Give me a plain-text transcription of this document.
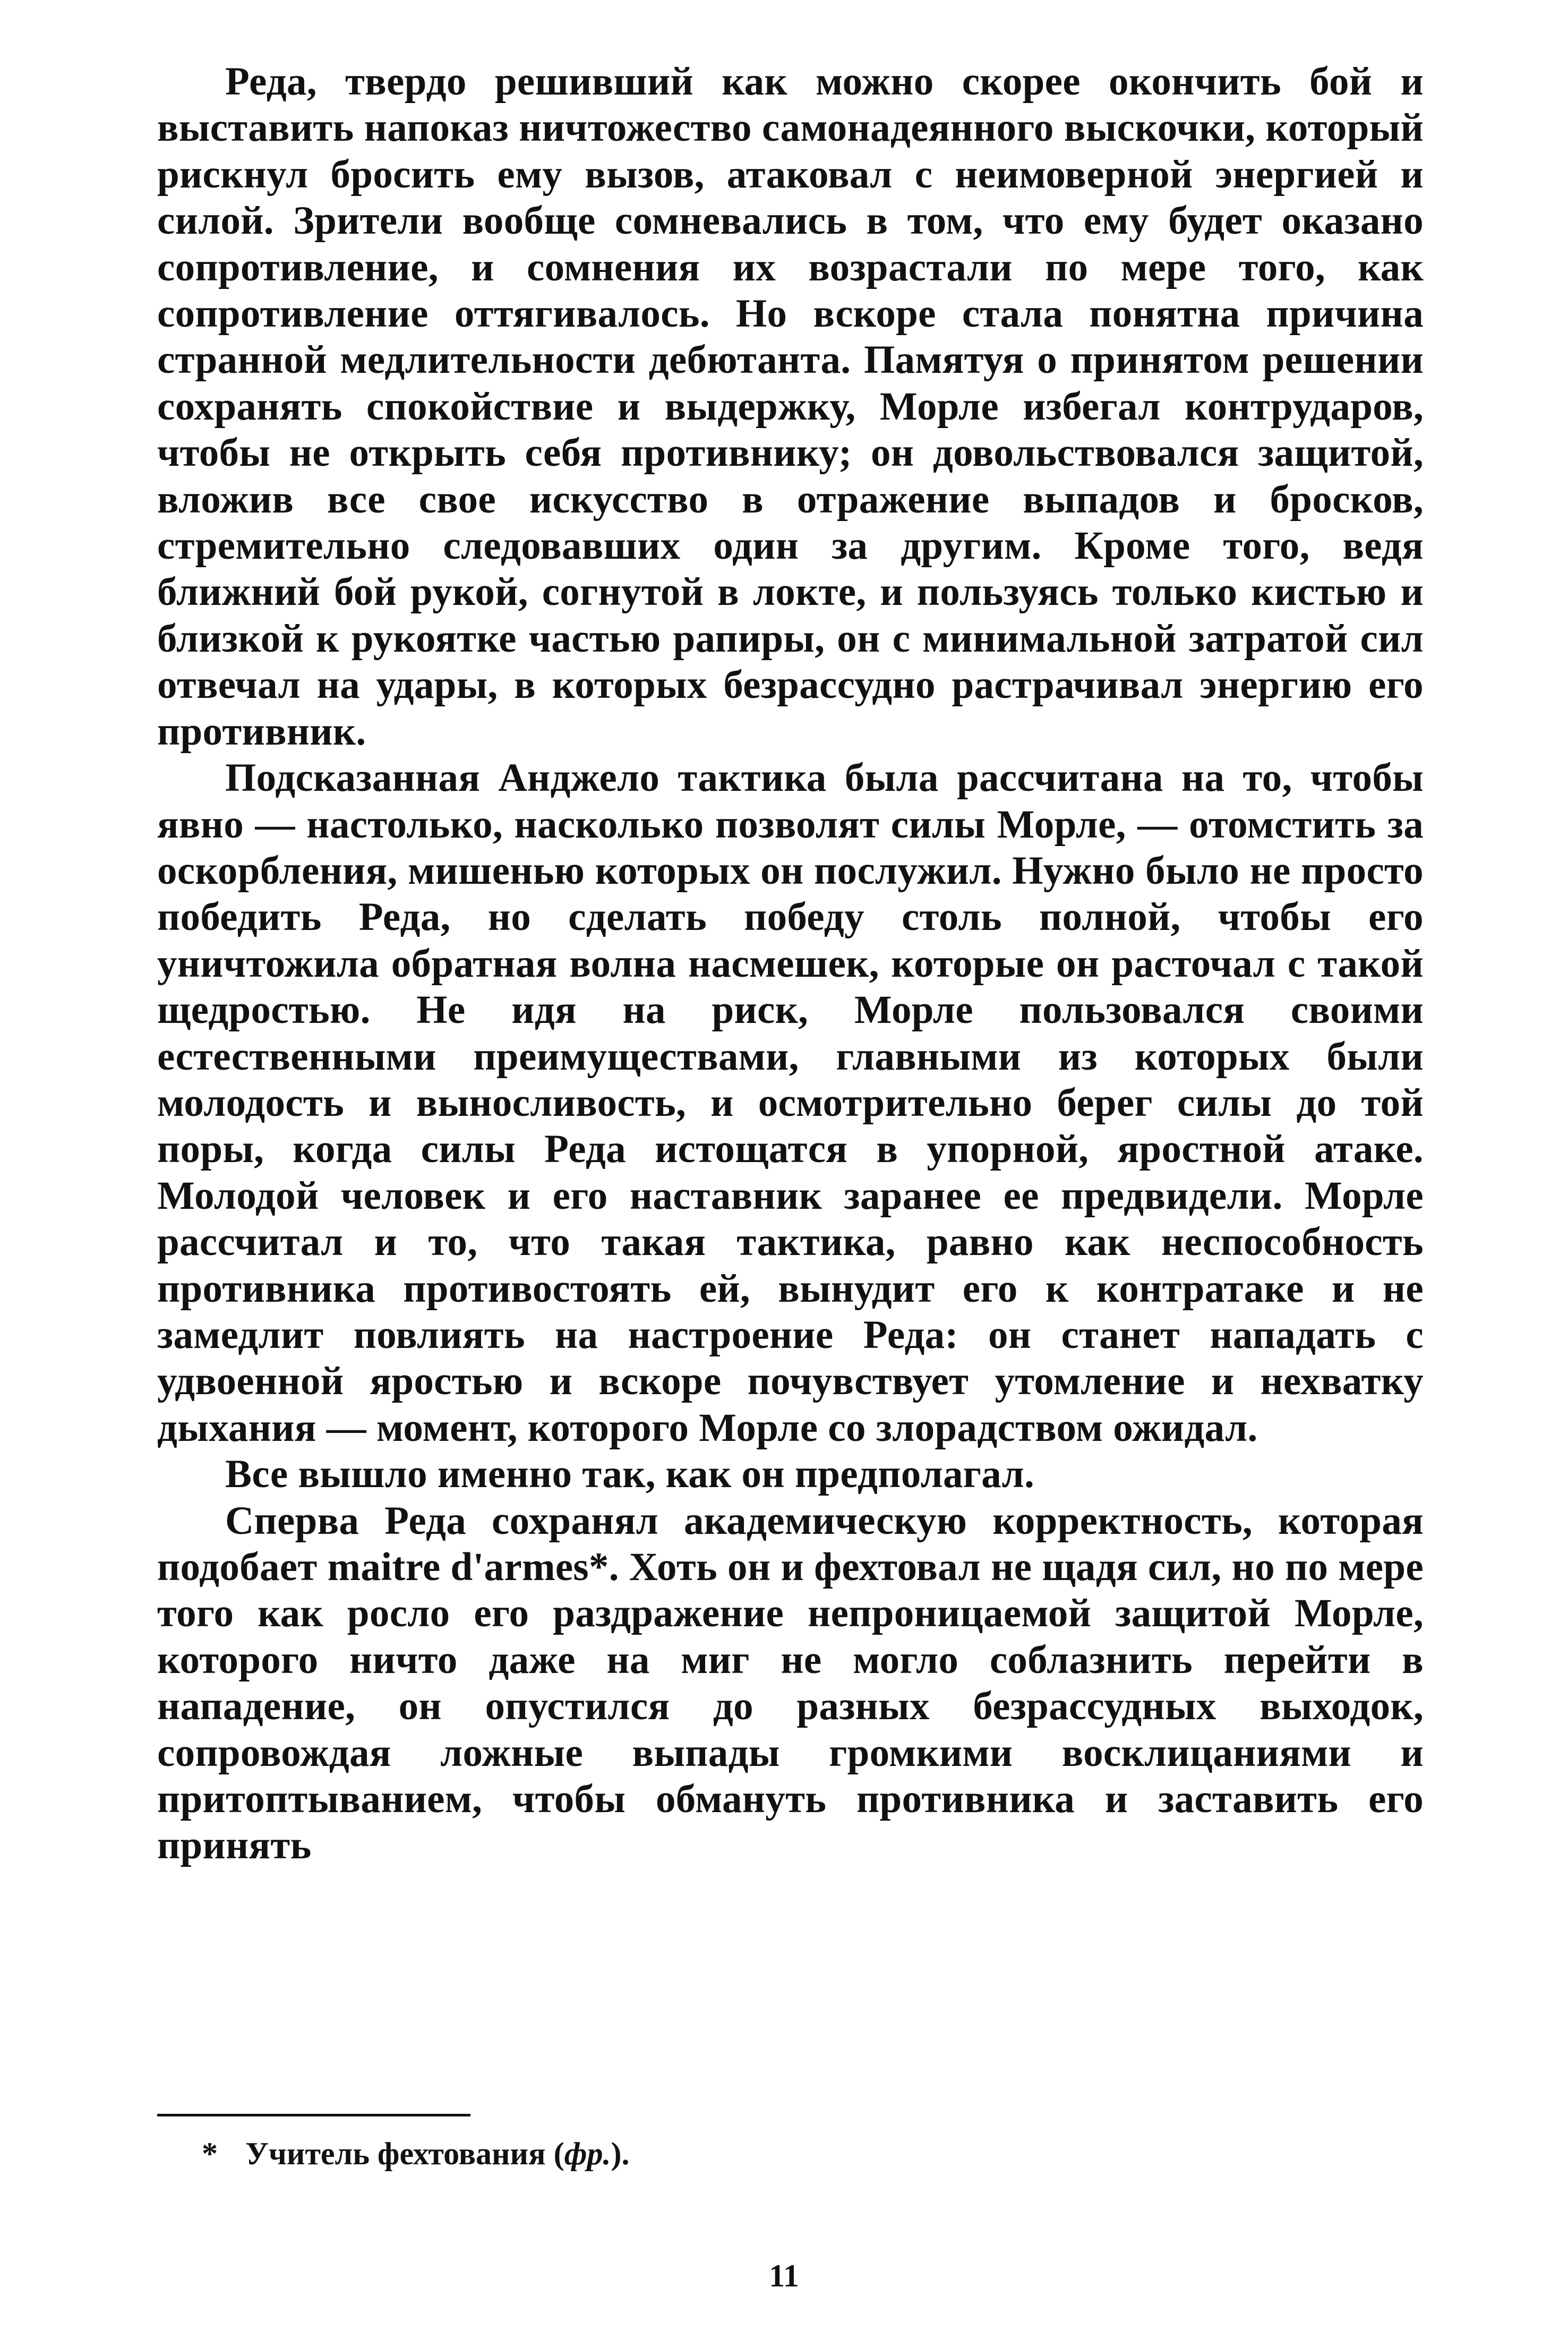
Реда, твердо решивший как можно скорее окончить бой и выставить напоказ ничтожество самонадеянного выскочки, который рискнул бросить ему вызов, атаковал с неимоверной энергией и силой. Зрители вообще сомневались в том, что ему будет оказано сопротивление, и сомнения их возрастали по мере того, как сопротивление оттягивалось. Но вскоре стала понятна причина странной медлительности дебютанта. Памятуя о принятом решении сохранять спокойствие и выдержку, Морле избегал контрударов, чтобы не открыть себя противнику; он довольствовался защитой, вложив все свое искусство в отражение выпадов и бросков, стремительно следовавших один за другим. Кроме того, ведя ближний бой рукой, согнутой в локте, и пользуясь только кистью и близкой к рукоятке частью рапиры, он с минимальной затратой сил отвечал на удары, в которых безрассудно растрачивал энергию его противник.

Подсказанная Анджело тактика была рассчитана на то, чтобы явно — настолько, насколько позволят силы Морле, — отомстить за оскорбления, мишенью которых он послужил. Нужно было не просто победить Реда, но сделать победу столь полной, чтобы его уничтожила обратная волна насмешек, которые он расточал с такой щедростью. Не идя на риск, Морле пользовался своими естественными преимуществами, главными из которых были молодость и выносливость, и осмотрительно берег силы до той поры, когда силы Реда истощатся в упорной, яростной атаке. Молодой человек и его наставник заранее ее предвидели. Морле рассчитал и то, что такая тактика, равно как неспособность противника противостоять ей, вынудит его к контратаке и не замедлит повлиять на настроение Реда: он станет нападать с удвоенной яростью и вскоре почувствует утомление и нехватку дыхания — момент, которого Морле со злорадством ожидал.

Все вышло именно так, как он предполагал.

Сперва Реда сохранял академическую корректность, которая подобает maitre d'armes*. Хоть он и фехтовал не щадя сил, но по мере того как росло его раздражение непроницаемой защитой Морле, которого ничто даже на миг не могло соблазнить перейти в нападение, он опустился до разных безрассудных выходок, сопровождая ложные выпады громкими восклицаниями и притоптыванием, чтобы обмануть противника и заставить его принять

* Учитель фехтования (фр.).
11
